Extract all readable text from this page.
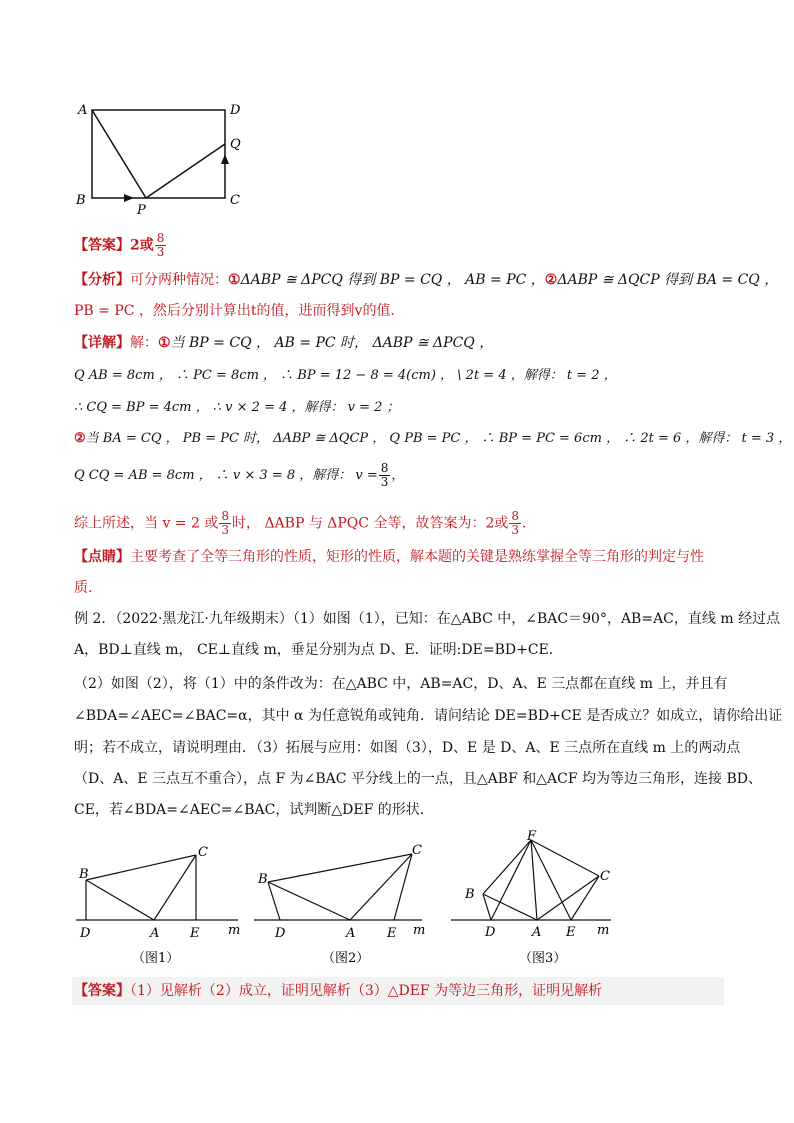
A	D
Q
B
P
C
【答案】2或 $\frac{8}{3}$
【分析】可分两种情况：①ΔABP ≅ ΔPCQ 得到 BP = CQ ， AB = PC ，②ΔABP ≅ ΔQCP 得到 BA = CQ ，
PB = PC ，然后分别计算出t的值，进而得到v的值.
【详解】解：①当 BP = CQ ， AB = PC 时， ΔABP ≅ ΔPCQ ，
Q AB = 8cm ， ∴ PC = 8cm ， ∴ BP = 12 − 8 = 4(cm) ， \ 2t = 4 ，解得： t = 2 ，
∴ CQ = BP = 4cm ， ∴ v × 2 = 4 ，解得： v = 2 ；
②当 BA = CQ ， PB = PC 时， ΔABP ≅ ΔQCP ， Q PB = PC ， ∴ BP = PC = 6cm ， ∴ 2t = 6 ，解得： t = 3 ，
Q CQ = AB = 8cm ， ∴ v × 3 = 8 ，解得： $v = \frac{8}{3}$ ，
综上所述，当 v = 2 或 $\frac{8}{3}$ 时， ΔABP 与 ΔPQC 全等，故答案为：2或 $\frac{8}{3}$ .
【点睛】主要考查了全等三角形的性质，矩形的性质，解本题的关键是熟练掌握全等三角形的判定与性
质.
例 2．（2022·黑龙江·九年级期末）（1）如图（1），已知：在△ABC 中，∠BAC＝90°，AB=AC，直线 m 经过点
A，BD⊥直线 m， CE⊥直线 m，垂足分别为点 D、E．证明:DE=BD+CE．
（2）如图（2），将（1）中的条件改为：在△ABC 中，AB=AC，D、A、E 三点都在直线 m 上，并且有
∠BDA=∠AEC=∠BAC=α，其中 α 为任意锐角或钝角．请问结论 DE=BD+CE 是否成立？如成立，请你给出证
明；若不成立，请说明理由．（3）拓展与应用：如图（3），D、E 是 D、A、E 三点所在直线 m 上的两动点
（D、A、E 三点互不重合），点 F 为∠BAC 平分线上的一点，且△ABF 和△ACF 均为等边三角形，连接 BD、
CE，若∠BDA=∠AEC=∠BAC，试判断△DEF 的形状．
B
C
D	A E m
（图1）
B
C
D	A E m
（图2）
F
B
C
D	A E m
（图3）
【答案】（1）见解析（2）成立，证明见解析（3）△DEF 为等边三角形，证明见解析
